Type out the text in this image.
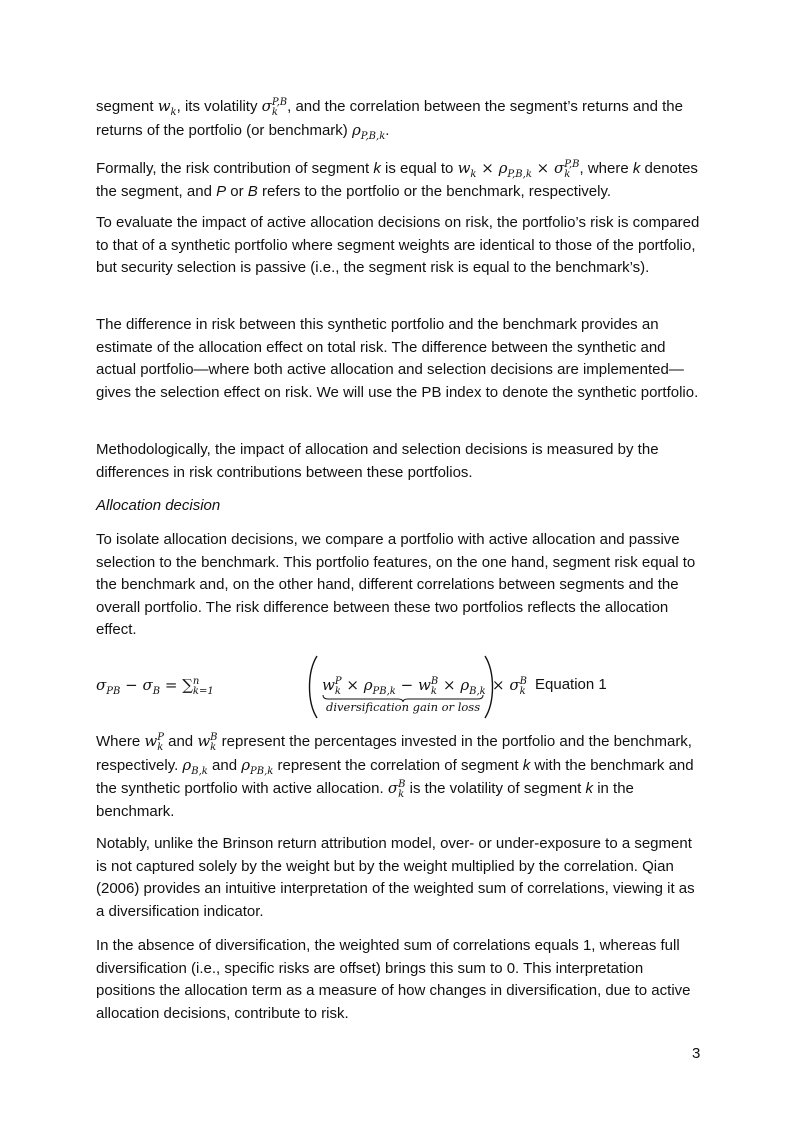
segment $w_k$, its volatility σ P,B
k , and the correlation between the segment’s returns and the returns of the portfolio (or benchmark) $\rho_{P,B,k}$.

Formally, the risk contribution of segment k is equal to $w_k \times \rho_{P,B,k} \times \sigma$ P,B
k , where k denotes the segment, and P or B refers to the portfolio or the benchmark, respectively.

To evaluate the impact of active allocation decisions on risk, the portfolio’s risk is compared to that of a synthetic portfolio where segment weights are identical to those of the portfolio, but security selection is passive (i.e., the segment risk is equal to the benchmark’s).

The difference in risk between this synthetic portfolio and the benchmark provides an estimate of the allocation effect on total risk. The difference between the synthetic and actual portfolio—where both active allocation and selection decisions are implemented—gives the selection effect on risk. We will use the PB index to denote the synthetic portfolio.

Methodologically, the impact of allocation and selection decisions is measured by the differences in risk contributions between these portfolios.

Allocation decision

To isolate allocation decisions, we compare a portfolio with active allocation and passive selection to the benchmark. This portfolio features, on the one hand, segment risk equal to the benchmark and, on the other hand, different correlations between segments and the overall portfolio. The risk difference between these two portfolios reflects the allocation effect.

$\sigma_{PB} - \sigma_B$ = ∑ n
k=1	w P
$k \times \rho_{PB,k} - w$ B
$k \times \rho_{B,k}$
diversification gain or loss
× σ B
k Equation 1

Where w P
k and w B
k represent the percentages invested in the portfolio and the benchmark, respectively. $\rho_{B,k}$ and $\rho_{PB,k}$ represent the correlation of segment k with the benchmark and the synthetic portfolio with active allocation. σ B
k is the volatility of segment k in the benchmark.

Notably, unlike the Brinson return attribution model, over- or under-exposure to a segment is not captured solely by the weight but by the weight multiplied by the correlation. Qian (2006) provides an intuitive interpretation of the weighted sum of correlations, viewing it as a diversification indicator.

In the absence of diversification, the weighted sum of correlations equals 1, whereas full diversification (i.e., specific risks are offset) brings this sum to 0. This interpretation positions the allocation term as a measure of how changes in diversification, due to active allocation decisions, contribute to risk.

3
